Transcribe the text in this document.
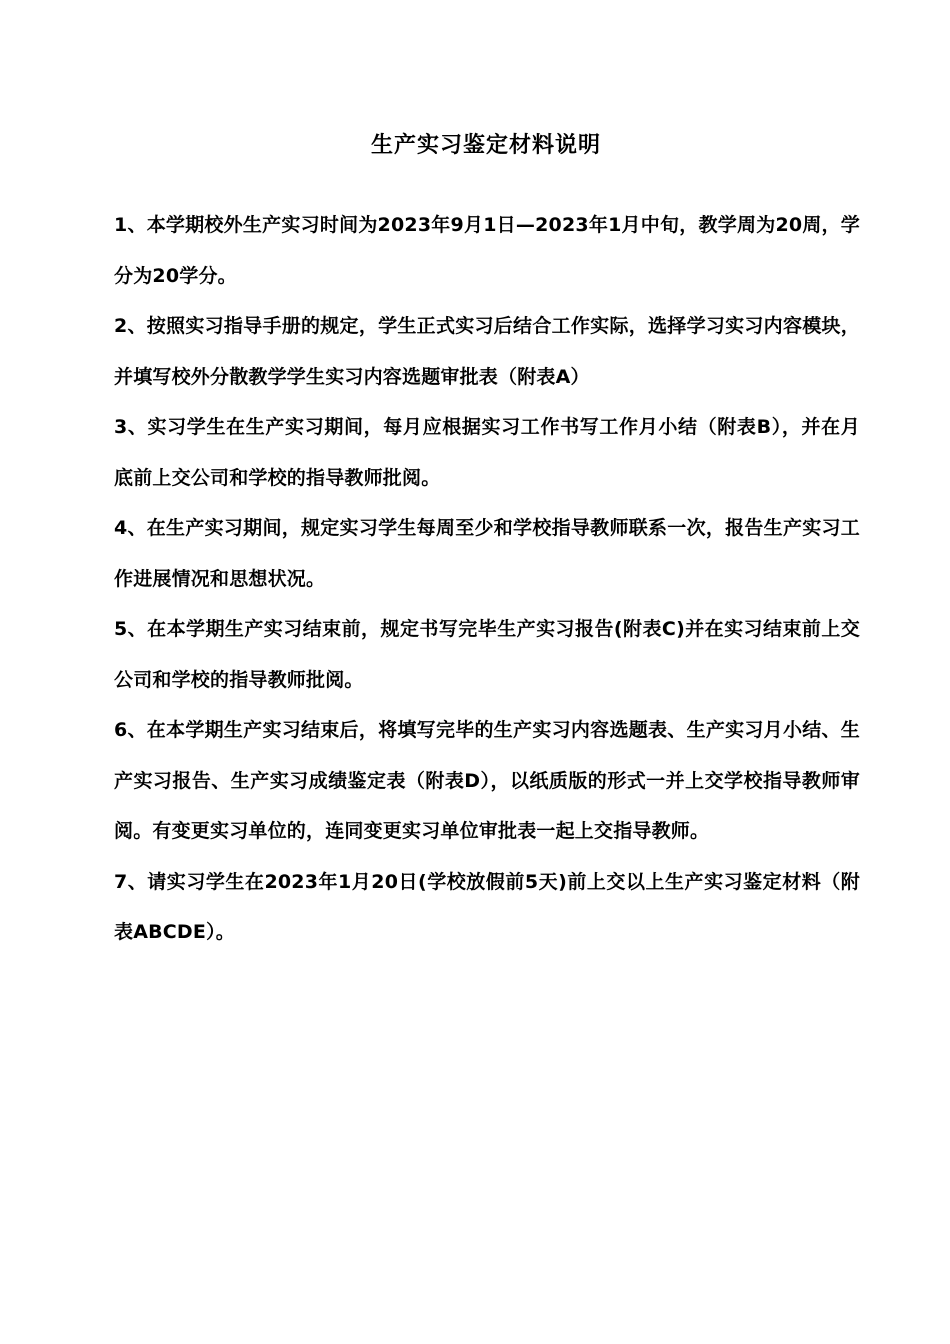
生产实习鉴定材料说明

1、本学期校外生产实习时间为2023年9月1日—2023年1月中旬，教学周为20周，学分为20学分。

2、按照实习指导手册的规定，学生正式实习后结合工作实际，选择学习实习内容模块，并填写校外分散教学学生实习内容选题审批表（附表A）

3、实习学生在生产实习期间，每月应根据实习工作书写工作月小结（附表B），并在月底前上交公司和学校的指导教师批阅。

4、在生产实习期间，规定实习学生每周至少和学校指导教师联系一次，报告生产实习工作进展情况和思想状况。

5、在本学期生产实习结束前，规定书写完毕生产实习报告(附表C)并在实习结束前上交公司和学校的指导教师批阅。

6、在本学期生产实习结束后，将填写完毕的生产实习内容选题表、生产实习月小结、生产实习报告、生产实习成绩鉴定表（附表D），以纸质版的形式一并上交学校指导教师审阅。有变更实习单位的，连同变更实习单位审批表一起上交指导教师。

7、请实习学生在2023年1月20日(学校放假前5天)前上交以上生产实习鉴定材料（附表ABCDE）。
